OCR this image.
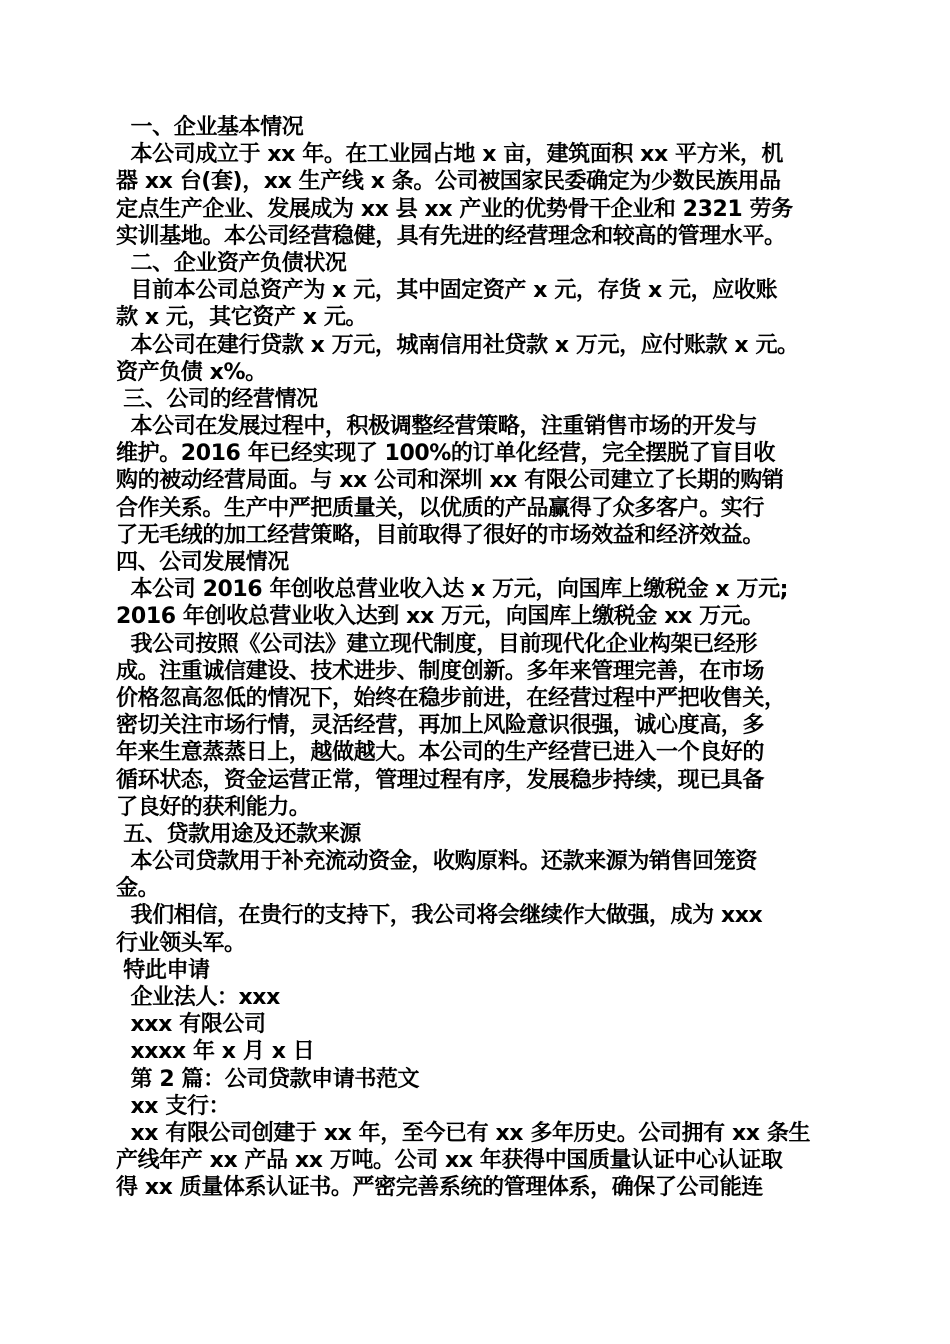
一、企业基本情况
本公司成立于 xx 年。在工业园占地 x 亩，建筑面积 xx 平方米，机
器 xx 台(套)，xx 生产线 x 条。公司被国家民委确定为少数民族用品
定点生产企业、发展成为 xx 县 xx 产业的优势骨干企业和 2321 劳务
实训基地。本公司经营稳健，具有先进的经营理念和较高的管理水平。
二、企业资产负债状况
目前本公司总资产为 x 元，其中固定资产 x 元，存货 x 元，应收账
款 x 元，其它资产 x 元。
本公司在建行贷款 x 万元，城南信用社贷款 x 万元，应付账款 x 元。
资产负债 x%。
三、公司的经营情况
本公司在发展过程中，积极调整经营策略，注重销售市场的开发与
维护。2016 年已经实现了 100%的订单化经营，完全摆脱了盲目收
购的被动经营局面。与 xx 公司和深圳 xx 有限公司建立了长期的购销
合作关系。生产中严把质量关，以优质的产品赢得了众多客户。实行
了无毛绒的加工经营策略，目前取得了很好的市场效益和经济效益。
四、公司发展情况
本公司 2016 年创收总营业收入达 x 万元，向国库上缴税金 x 万元;
2016 年创收总营业收入达到 xx 万元，向国库上缴税金 xx 万元。
我公司按照《公司法》建立现代制度，目前现代化企业构架已经形
成。注重诚信建设、技术进步、制度创新。多年来管理完善，在市场
价格忽高忽低的情况下，始终在稳步前进，在经营过程中严把收售关，
密切关注市场行情，灵活经营，再加上风险意识很强，诚心度高，多
年来生意蒸蒸日上，越做越大。本公司的生产经营已进入一个良好的
循环状态，资金运营正常，管理过程有序，发展稳步持续，现已具备
了良好的获利能力。
五、贷款用途及还款来源
本公司贷款用于补充流动资金，收购原料。还款来源为销售回笼资
金。
我们相信，在贵行的支持下，我公司将会继续作大做强，成为 xxx
行业领头军。
特此申请
企业法人：xxx
xxx 有限公司
xxxx 年 x 月 x 日
第 2 篇：公司贷款申请书范文
xx 支行：
xx 有限公司创建于 xx 年，至今已有 xx 多年历史。公司拥有 xx 条生
产线年产 xx 产品 xx 万吨。公司 xx 年获得中国质量认证中心认证取
得 xx 质量体系认证书。严密完善系统的管理体系，确保了公司能连
